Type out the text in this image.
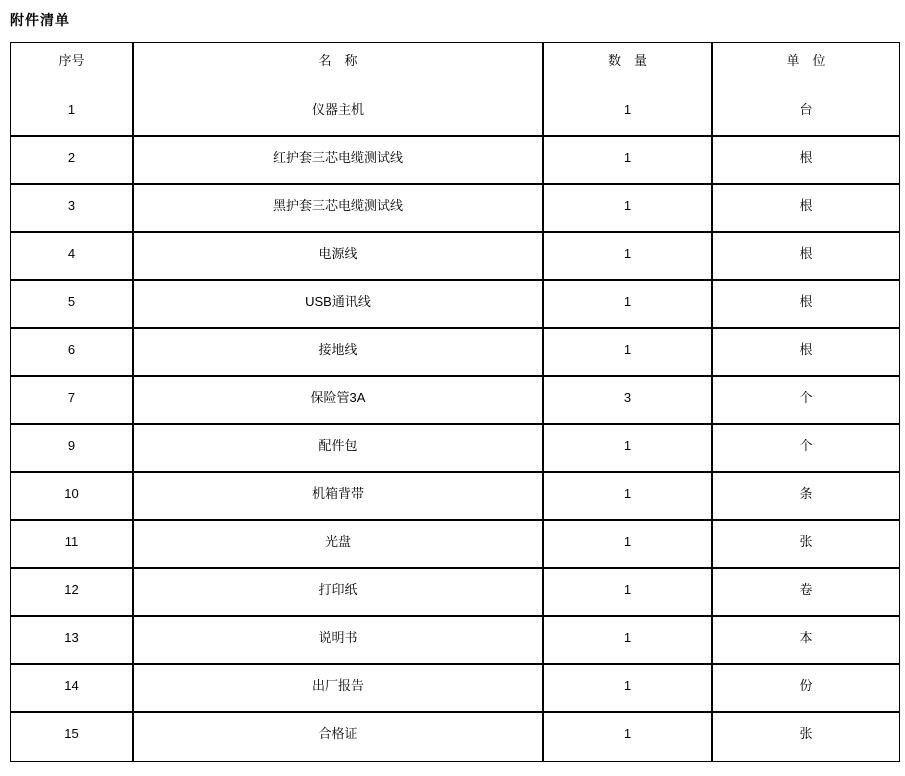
附件清单
序号	名　称	数　量	单　位
1	仪器主机	1	台
2	红护套三芯电缆测试线	1	根
3	黑护套三芯电缆测试线	1	根
4	电源线	1	根
5	USB通讯线	1	根
6	接地线	1	根
7	保险管3A	3	个
9	配件包	1	个
10	机箱背带	1	条
11	光盘	1	张
12	打印纸	1	卷
13	说明书	1	本
14	出厂报告	1	份
15	合格证	1	张
